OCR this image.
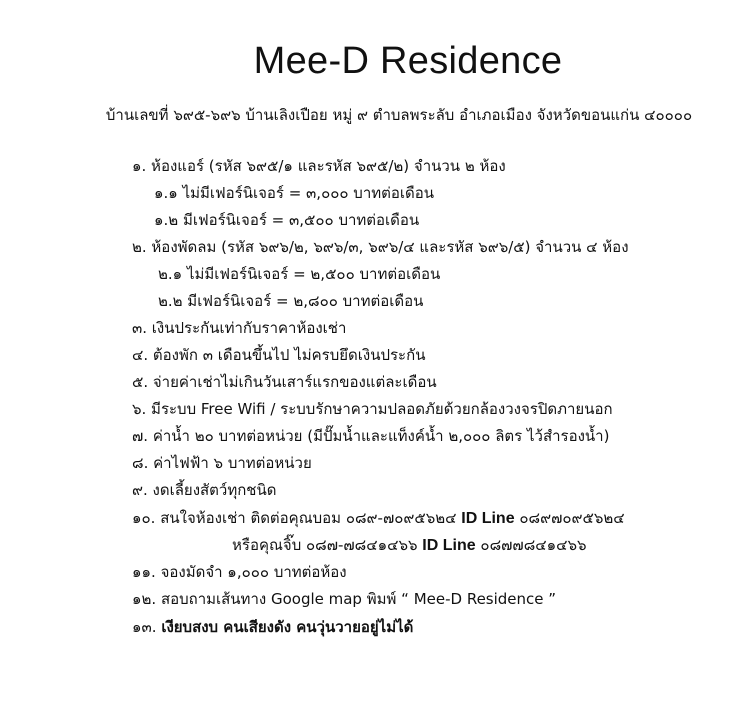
Mee-D Residence
บ้านเลขที่ ๖๙๕-๖๙๖ บ้านเลิงเปือย หมู่ ๙ ตำบลพระลับ อำเภอเมือง จังหวัดขอนแก่น ๔๐๐๐๐
๑. ห้องแอร์ (รหัส ๖๙๕/๑ และรหัส ๖๙๕/๒) จำนวน ๒ ห้อง
๑.๑ ไม่มีเฟอร์นิเจอร์ = ๓,๐๐๐ บาทต่อเดือน
๑.๒ มีเฟอร์นิเจอร์ = ๓,๕๐๐ บาทต่อเดือน
๒. ห้องพัดลม (รหัส ๖๙๖/๒, ๖๙๖/๓, ๖๙๖/๔ และรหัส ๖๙๖/๕) จำนวน ๔ ห้อง
๒.๑ ไม่มีเฟอร์นิเจอร์ = ๒,๕๐๐ บาทต่อเดือน
๒.๒ มีเฟอร์นิเจอร์ = ๒,๘๐๐ บาทต่อเดือน
๓. เงินประกันเท่ากับราคาห้องเช่า
๔. ต้องพัก ๓ เดือนขึ้นไป ไม่ครบยึดเงินประกัน
๕. จ่ายค่าเช่าไม่เกินวันเสาร์แรกของแต่ละเดือน
๖. มีระบบ Free Wifi / ระบบรักษาความปลอดภัยด้วยกล้องวงจรปิดภายนอก
๗. ค่าน้ำ ๒๐ บาทต่อหน่วย (มีปั๊มน้ำและแท็งค์น้ำ ๒,๐๐๐ ลิตร ไว้สำรองน้ำ)
๘. ค่าไฟฟ้า ๖ บาทต่อหน่วย
๙. งดเลี้ยงสัตว์ทุกชนิด
๑๐. สนใจห้องเช่า ติดต่อคุณบอม ๐๘๙-๗๐๙๕๖๒๔ ID Line ๐๘๙๗๐๙๕๖๒๔
หรือคุณจิ๊บ ๐๘๗-๗๘๔๑๔๖๖ ID Line ๐๘๗๗๘๔๑๔๖๖
๑๑. จองมัดจำ ๑,๐๐๐ บาทต่อห้อง
๑๒. สอบถามเส้นทาง Google map พิมพ์ “ Mee-D Residence ”
๑๓. เงียบสงบ คนเสียงดัง คนวุ่นวายอยู่ไม่ได้
